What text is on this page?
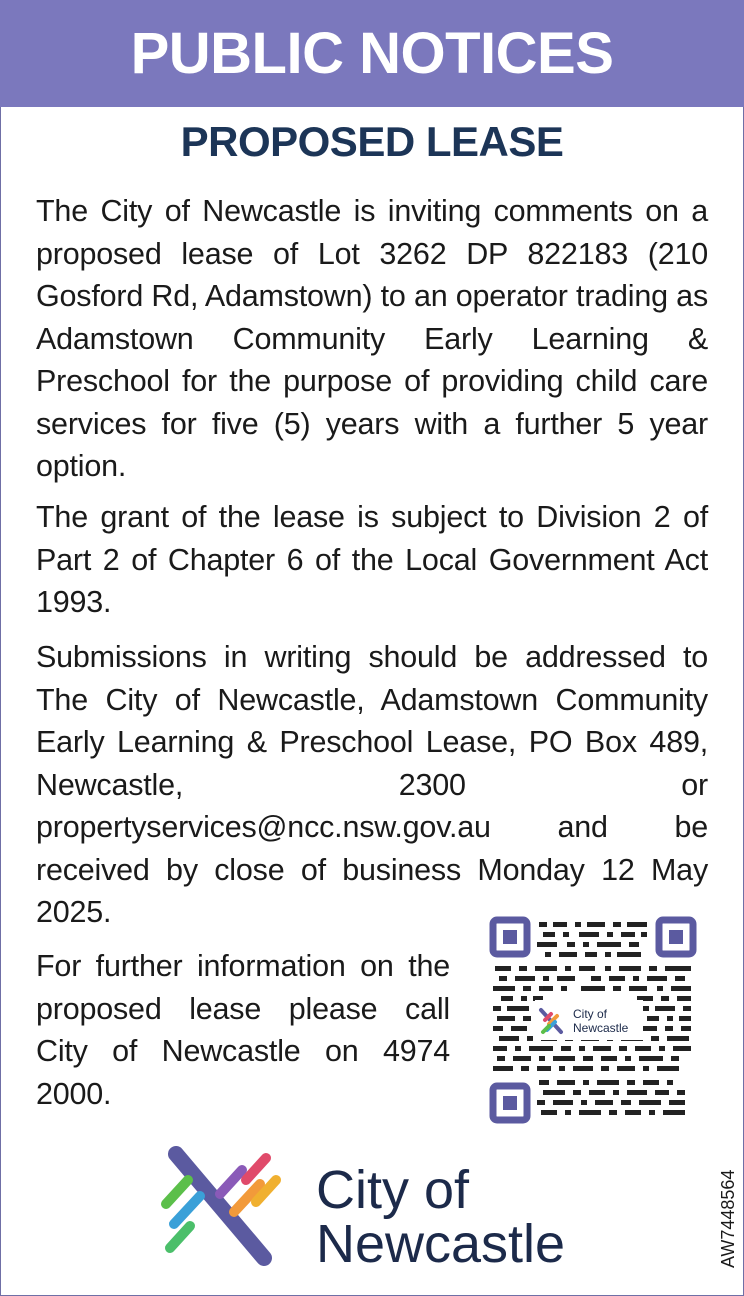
PUBLIC NOTICES
PROPOSED LEASE

The City of Newcastle is inviting comments on a proposed lease of Lot 3262 DP 822183 (210 Gosford Rd, Adamstown) to an operator trading as Adamstown Community Early Learning & Preschool for the purpose of providing child care services for five (5) years with a further 5 year option.

The grant of the lease is subject to Division 2 of Part 2 of Chapter 6 of the Local Government Act 1993.

Submissions in writing should be addressed to The City of Newcastle, Adamstown Community Early Learning & Preschool Lease, PO Box 489, Newcastle, 2300 or propertyservices@ncc.nsw.gov.au and be received by close of business Monday 12 May 2025.

For further information on the proposed lease please call City of Newcastle on 4974 2000.

City of
Newcastle
City of
Newcastle	AW7448564
